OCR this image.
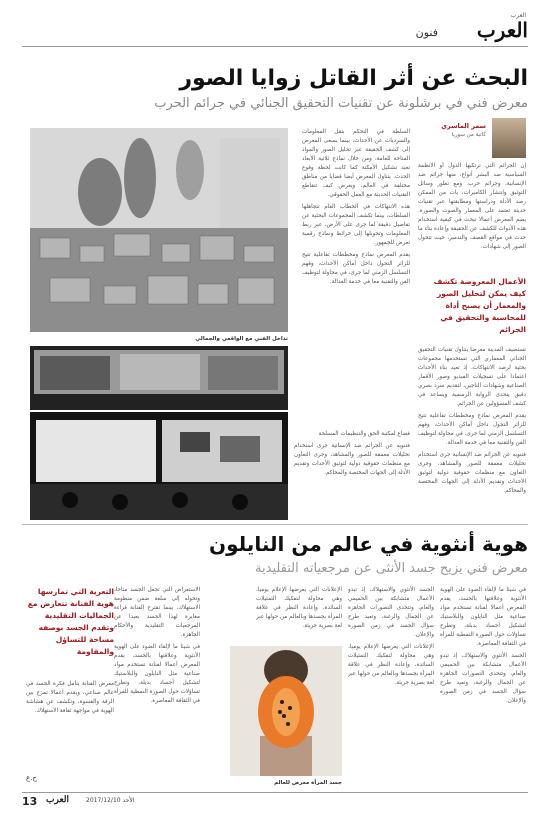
العرب
العرب
فنون
البحث عن أثر القاتل زوايا الصور
معرض فني في برشلونة عن تقنيات التحقيق الجنائي في جرائم الحرب
سمر الماسري
كاتبة من سوريا

إن الجرائم التي ترتكبها الدول أو الأنظمة السياسية ضد البشر أنواع، منها جرائم ضد الإنسانية، وجرائم حرب. ومع تطور وسائل التوثيق وانتشار الكاميرات، بات من الممكن رصد الأدلة ودراستها ومطابقتها عبر تقنيات حديثة تعتمد على المعمار والصوت والصورة. يضم المعرض أعمالا تبحث في كيفية استخدام هذه الأدوات للكشف عن الحقيقة وإعادة بناء ما حدث في مواقع القصف والتدمير، حيث تتحول الصور إلى شهادات.

الأعمال المعروضة تكشف كيف يمكن لتحليل الصور والمعمار أن يصبح أداة للمحاسبة والتحقيق في الجرائم

تستضيف المدينة معرضا يتناول تقنيات التحقيق الجنائي المعماري التي تستخدمها مجموعات بحثية لرصد الانتهاكات، إذ تعيد بناء الأحداث اعتمادا على تسجيلات الفيديو وصور الأقمار الصناعية وشهادات الناجين، لتقديم سرد بصري دقيق يتحدى الرواية الرسمية ويساعد في كشف المسؤولين عن الجرائم.

يقدم المعرض نماذج ومخططات تفاعلية تتيح للزائر التجول داخل أماكن الأحداث، وفهم التسلسل الزمني لما جرى، في محاولة لتوظيف الفن والتقنية معا في خدمة العدالة.

فتنويه عن الجرائم ضد الإنسانية جرى استخدام تحليلات معمقة للصور والمشاهد، وجرى التعاون مع منظمات حقوقية دولية لتوثيق الأحداث وتقديم الأدلة إلى الجهات المختصة والمحاكم.

السلطة في التحكم بنقل المعلومات والسرديات عن الأحداث، بينما يسعى المعرض إلى كشف الحقيقة عبر تحليل الصور والمواد المتاحة للعامة، ومن خلال نماذج ثلاثية الأبعاد تعيد تشكيل الأمكنة كما كانت لحظة وقوع الحدث. يتناول المعرض أيضا قضايا من مناطق مختلفة في العالم، ويعرض كيف تتقاطع التقنيات الحديثة مع العمل الحقوقي.

هذه الانتهاكات في الخطاب العام تتجاهلها السلطات، بينما تكشف المجموعات البحثية عن تفاصيل دقيقة لما جرى على الأرض، عبر ربط المعلومات وتحويلها إلى خرائط ونماذج رقمية تعرض للجمهور.

يقدم المعرض نماذج ومخططات تفاعلية تتيح للزائر التجول داخل أماكن الأحداث، وفهم التسلسل الزمني لما جرى، في محاولة لتوظيف الفن والتقنية معا في خدمة العدالة.

تداخل الفني مع الواقعي والجمالي

فضاع لمكتبة الحق والتنظيمات المسلحة

فتنويه عن الجرائم ضد الإنسانية جرى استخدام تحليلات معمقة للصور والمشاهد، وجرى التعاون مع منظمات حقوقية دولية لتوثيق الأحداث وتقديم الأدلة إلى الجهات المختصة والمحاكم.

هوية أنثوية في عالم من النايلون
معرض فني يزيح جسد الأنثى عن مرجعياته التقليدية

في شيئا ما لإلقاء الضوء على الهوية الأنثوية وعلاقتها بالجسد، يقدم المعرض أعمالا لفنانة تستخدم مواد صناعية مثل النايلون والبلاستيك لتشكيل أجساد بديلة، وتطرح تساؤلات حول الصورة النمطية للمرأة في الثقافة المعاصرة.

الجسد الأنثوي والاستهلاك، إذ تبدو الأعمال متشابكة بين الحميمي والعام، وتتحدى التصورات الجاهزة عن الجمال والرغبة، وتعيد طرح سؤال الجسد في زمن الصورة والإعلان.

الجسد الأنثوي والاستهلاك، إذ تبدو الأعمال متشابكة بين الحميمي والعام، وتتحدى التصورات الجاهزة عن الجمال والرغبة، وتعيد طرح سؤال الجسد في زمن الصورة والإعلان.

الإعلانات التي يعرضها الإعلام يوميا، وهي محاولة لتفكيك التمثيلات السائدة، وإعادة النظر في علاقة المرأة بجسدها وبالعالم من حولها عبر لغة بصرية جريئة.

الإعلانات التي يعرضها الإعلام يوميا، وهي محاولة لتفكيك التمثيلات السائدة، وإعادة النظر في علاقة المرأة بجسدها وبالعالم من حولها عبر لغة بصرية جريئة.

جسد المرأة معرض للعالم

الاستعراض التي تجعل الجسد متاحا، وتحوله إلى سلعة ضمن منظومة الاستهلاك، بينما تقترح الفنانة قراءة مغايرة لهذا الجسد بعيدا عن المرجعيات التقليدية والأحكام الجاهزة.

في شيئا ما لإلقاء الضوء على الهوية الأنثوية وعلاقتها بالجسد، يقدم المعرض أعمالا لفنانة تستخدم مواد صناعية مثل النايلون والبلاستيك لتشكيل أجساد بديلة، وتطرح تساؤلات حول الصورة النمطية للمرأة في الثقافة المعاصرة.

التعرية التي تمارسها هوية الفنانة تتعارض مع الجماليات التقليدية وتقدم الجسد بوصفه مساحة للتساؤل والمقاومة

معرض الفنانة يتأمل فكرة الجسد في عالم صناعي، ويقدم أعمالا تمزج بين الرقة والقسوة، وتكشف عن هشاشة الهوية في مواجهة ثقافة الاستهلاك.

ح.ع
13 العرب	الأحد 2017/12/10
